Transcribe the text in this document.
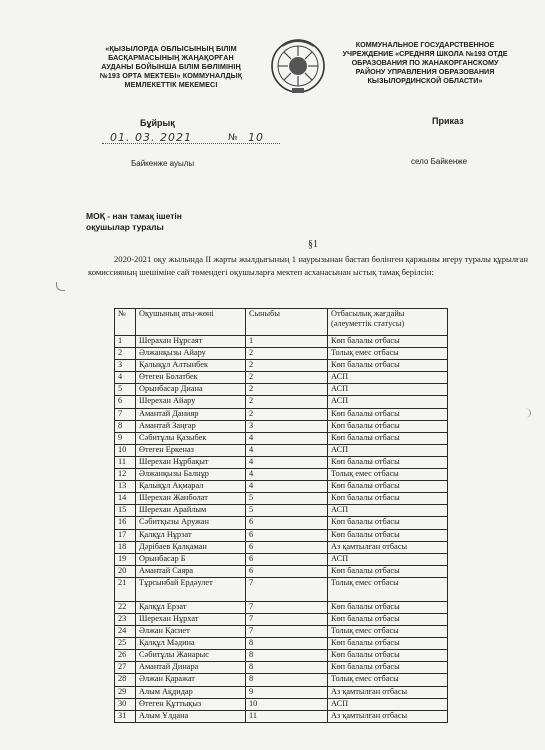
«ҚЫЗЫЛОРДА ОБЛЫСЫНЫҢ БІЛІМ
БАСҚАРМАСЫНЫҢ ЖАҢАҚОРҒАН
АУДАНЫ БОЙЫНША БІЛІМ БӨЛІМІНІҢ
№193 ОРТА МЕКТЕБІ» КОММУНАЛДЫҚ
МЕМЛЕКЕТТІК МЕКЕМЕСІ
КОММУНАЛЬНОЕ ГОСУДАРСТВЕННОЕ
УЧРЕЖДЕНИЕ «СРЕДНЯЯ ШКОЛА №193 ОТДЕ
ОБРАЗОВАНИЯ ПО ЖАНАКОРГАНСКОМУ
РАЙОНУ УПРАВЛЕНИЯ ОБРАЗОВАНИЯ
КЫЗЫЛОРДИНСКОЙ ОБЛАСТИ»
Бұйрық	Приказ
01. 03. 2021	№ 10
Байкенже ауылы	село Байкенже
МОҚ - нан тамақ ішетін
оқушылар туралы
§1
2020-2021 оқу жылында II жарты жылдығының 1 наурызынан бастап бөлінген қаржыны игеру туралы құрылған комиссияның шешіміне сай төмендегі оқушыларға мектеп асханасынан ыстық тамақ берілсін:
№	Оқушының аты-жөні	Сыныбы	Отбасылық жағдайы (әлеуметтік статусы)
1	Шерахан Нұрсаят	1	Көп балалы отбасы
2	Әлжанқызы Айару	2	Толық емес отбасы
3	Қалықұл Алтынбек	2	Көп балалы отбасы
4	Өтеген Болатбек	2	АСП
5	Орынбасар Диана	2	АСП
6	Шерехан Айару	2	АСП
7	Амантай Данияр	2	Көп балалы отбасы
8	Амантай Заңғар	3	Көп балалы отбасы
9	Сәбитұлы Қазыбек	4	Көп балалы отбасы
10	Өтеген Еркеназ	4	АСП
11	Шерехан Нұрбақыт	4	Көп балалы отбасы
12	Әлжанқызы Балнұр	4	Толық емес отбасы
13	Қалықұл Ақмарал	4	Көп балалы отбасы
14	Шерехан Жанболат	5	Көп балалы отбасы
15	Шерехан Арайлым	5	АСП
16	Сәбитқызы Аружан	6	Көп балалы отбасы
17	Қалқұл Нұрзат	6	Көп балалы отбасы
18	Дәрібаев Қалқаман	6	Аз қамтылған отбасы
19	Орынбасар Б	6	АСП
20	Амантай Саяра	6	Көп балалы отбасы
21	Тұрсынбай Ердәулет	7	Толық емес отбасы
22	Қалқұл Ерзат	7	Көп балалы отбасы
23	Шерехан Нұрхат	7	Көп балалы отбасы
24	Әлжан Қасиет	7	Толық емес отбасы
25	Қалқұл Мәдина	8	Көп балалы отбасы
26	Сәбитұлы Жанарыс	8	Көп балалы отбасы
27	Амантай Динара	8	Көп балалы отбасы
28	Әлжан Қаражат	8	Толық емес отбасы
29	Алым Ақдидар	9	Аз қамтылған отбасы
30	Өтеген Құттықыз	10	АСП
31	Алым Ұлдана	11	Аз қамтылған отбасы
